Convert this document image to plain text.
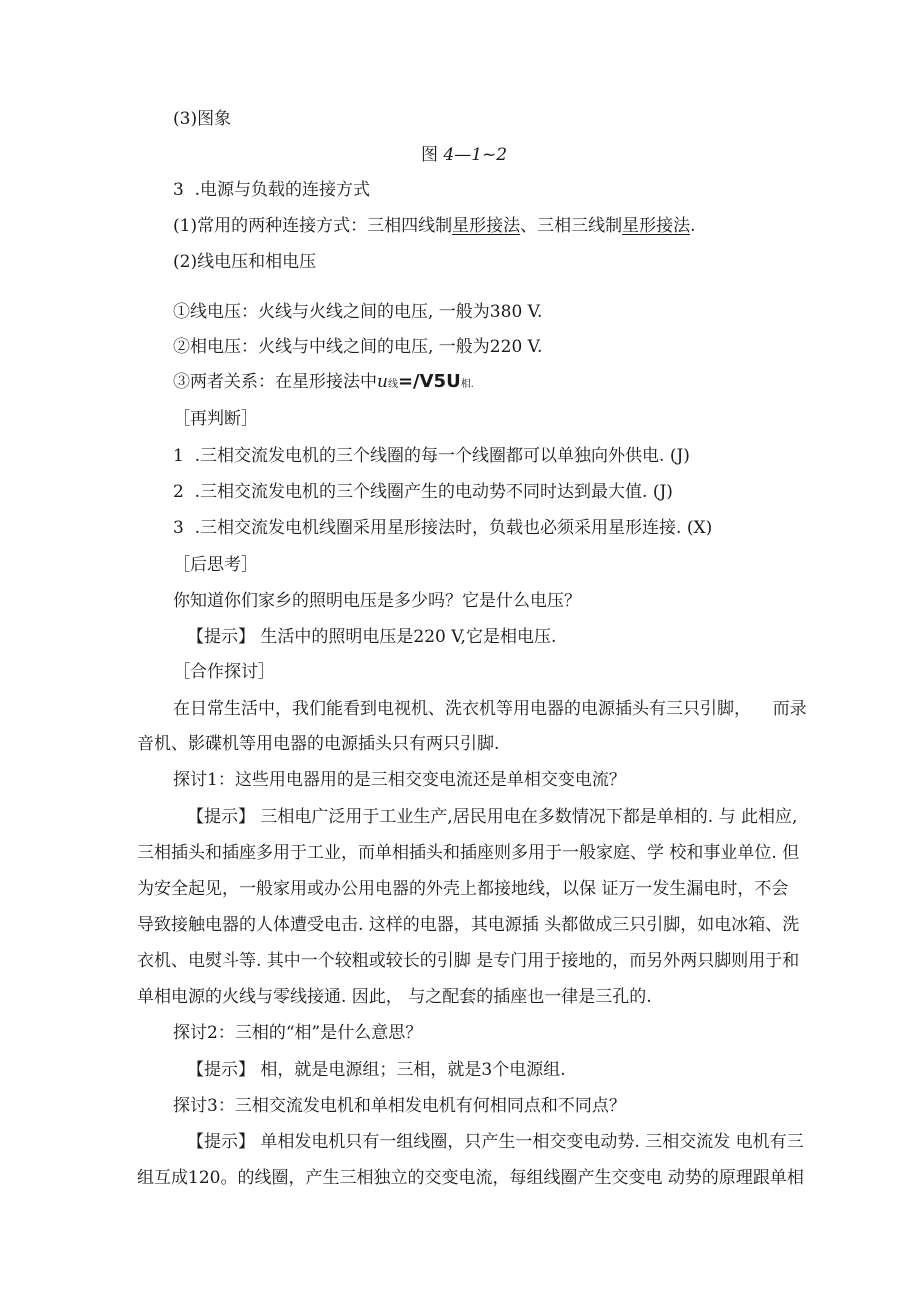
(3)图象
图 4—1~2
3  .电源与负载的连接方式
(1)常用的两种连接方式：三相四线制星形接法、三相三线制星形接法.
(2)线电压和相电压
①线电压：火线与火线之间的电压, 一般为380 V.
②相电压：火线与中线之间的电压, 一般为220 V.
③两者关系：在星形接法中u线=/V5U相.
［再判断］
1  .三相交流发电机的三个线圈的每一个线圈都可以单独向外供电. (J)
2  .三相交流发电机的三个线圈产生的电动势不同时达到最大值. (J)
3  .三相交流发电机线圈采用星形接法时，负载也必须采用星形连接. (X)
［后思考］
你知道你们家乡的照明电压是多少吗？它是什么电压？
【提示】 生活中的照明电压是220 V,它是相电压.
［合作探讨］
在日常生活中，我们能看到电视机、洗衣机等用电器的电源插头有三只引脚，    而录
音机、影碟机等用电器的电源插头只有两只引脚.
探讨1：这些用电器用的是三相交变电流还是单相交变电流？
【提示】 三相电广泛用于工业生产,居民用电在多数情况下都是单相的. 与 此相应,
三相插头和插座多用于工业，而单相插头和插座则多用于一般家庭、学 校和事业单位. 但
为安全起见，一般家用或办公用电器的外壳上都接地线，以保 证万一发生漏电时，不会
导致接触电器的人体遭受电击. 这样的电器，其电源插 头都做成三只引脚，如电冰箱、洗
衣机、电熨斗等. 其中一个较粗或较长的引脚 是专门用于接地的，而另外两只脚则用于和
单相电源的火线与零线接通. 因此， 与之配套的插座也一律是三孔的.
探讨2：三相的“相”是什么意思？
【提示】 相，就是电源组；三相，就是3个电源组.
探讨3：三相交流发电机和单相发电机有何相同点和不同点？
【提示】 单相发电机只有一组线圈，只产生一相交变电动势. 三相交流发 电机有三
组互成120。的线圈，产生三相独立的交变电流，每组线圈产生交变电 动势的原理跟单相
